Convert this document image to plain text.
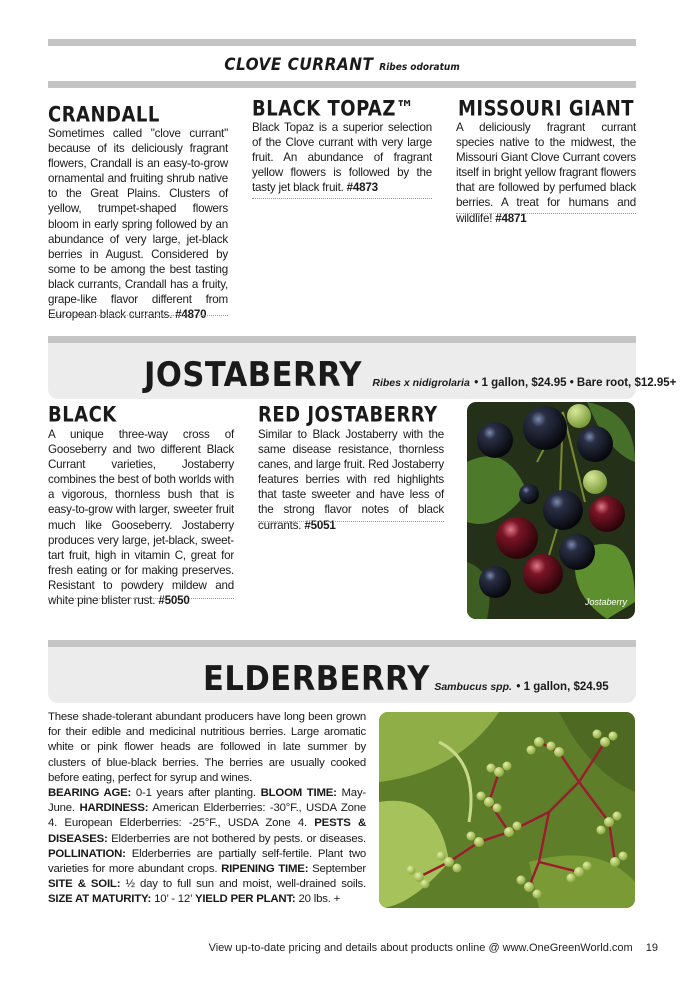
CLOVE CURRANT Ribes odoratum
CRANDALL
Sometimes called "clove currant" because of its deliciously fragrant flowers, Crandall is an easy-to-grow ornamental and fruiting shrub native to the Great Plains. Clusters of yellow, trumpet-shaped flowers bloom in early spring followed by an abundance of very large, jet-black berries in August. Considered by some to be among the best tasting black currants, Crandall has a fruity, grape-like flavor different from European black currants. #4870
BLACK TOPAZ™
Black Topaz is a superior selection of the Clove currant with very large fruit. An abundance of fragrant yellow flowers is followed by the tasty jet black fruit. #4873
MISSOURI GIANT
A deliciously fragrant currant species native to the midwest, the Missouri Giant Clove Currant covers itself in bright yellow fragrant flowers that are followed by perfumed black berries. A treat for humans and wildlife! #4871
JOSTABERRY Ribes x nidigrolaria • 1 gallon, $24.95 • Bare root, $12.95+
BLACK
A unique three-way cross of Gooseberry and two different Black Currant varieties, Jostaberry combines the best of both worlds with a vigorous, thornless bush that is easy-to-grow with larger, sweeter fruit much like Gooseberry. Jostaberry produces very large, jet-black, sweet-tart fruit, high in vitamin C, great for fresh eating or for making preserves. Resistant to powdery mildew and white pine blister rust. #5050
RED JOSTABERRY
Similar to Black Jostaberry with the same disease resistance, thornless canes, and large fruit. Red Jostaberry features berries with red highlights that taste sweeter and have less of the strong flavor notes of black currants. #5051
Jostaberry
ELDERBERRY Sambucus spp. • 1 gallon, $24.95
These shade-tolerant abundant producers have long been grown for their edible and medicinal nutritious berries. Large aromatic white or pink flower heads are followed in late summer by clusters of blue-black berries. The berries are usually cooked before eating, perfect for syrup and wines.
BEARING AGE: 0-1 years after planting. BLOOM TIME: May-June. HARDINESS: American Elderberries: -30°F., USDA Zone 4. European Elderberries: -25°F., USDA Zone 4. PESTS & DISEASES: Elderberries are not bothered by pests. or diseases. POLLINATION: Elderberries are partially self-fertile. Plant two varieties for more abundant crops. RIPENING TIME: September SITE & SOIL: ½ day to full sun and moist, well-drained soils. SIZE AT MATURITY: 10’ - 12’ YIELD PER PLANT: 20 lbs. +
View up-to-date pricing and details about products online @ www.OneGreenWorld.com 19
